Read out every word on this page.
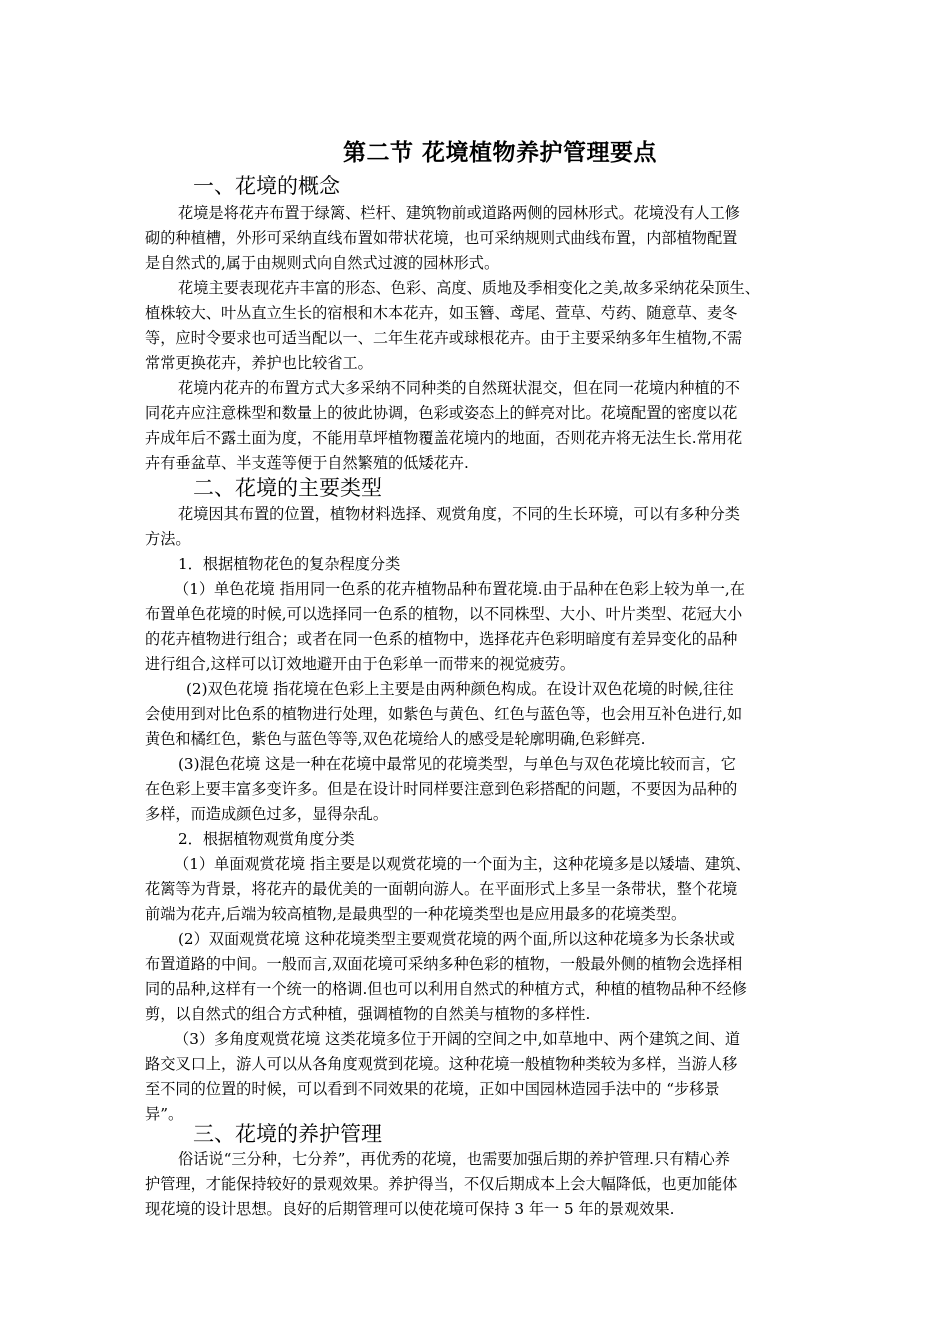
第二节 花境植物养护管理要点
一、花境的概念
花境是将花卉布置于绿篱、栏杆、建筑物前或道路两侧的园林形式。花境没有人工修
砌的种植槽，外形可采纳直线布置如带状花境，也可采纳规则式曲线布置，内部植物配置
是自然式的,属于由规则式向自然式过渡的园林形式。
花境主要表现花卉丰富的形态、色彩、高度、质地及季相变化之美,故多采纳花朵顶生、
植株较大、叶丛直立生长的宿根和木本花卉，如玉簪、鸢尾、萱草、芍药、随意草、麦冬
等，应时令要求也可适当配以一、二年生花卉或球根花卉。由于主要采纳多年生植物,不需
常常更换花卉，养护也比较省工。
花境内花卉的布置方式大多采纳不同种类的自然斑状混交，但在同一花境内种植的不
同花卉应注意株型和数量上的彼此协调，色彩或姿态上的鲜亮对比。花境配置的密度以花
卉成年后不露土面为度，不能用草坪植物覆盖花境内的地面，否则花卉将无法生长.常用花
卉有垂盆草、半支莲等便于自然繁殖的低矮花卉.
二、花境的主要类型
花境因其布置的位置，植物材料选择、观赏角度，不同的生长环境，可以有多种分类
方法。
1．根据植物花色的复杂程度分类
（1）单色花境 指用同一色系的花卉植物品种布置花境.由于品种在色彩上较为单一,在
布置单色花境的时候,可以选择同一色系的植物，以不同株型、大小、叶片类型、花冠大小
的花卉植物进行组合；或者在同一色系的植物中，选择花卉色彩明暗度有差异变化的品种
进行组合,这样可以订效地避开由于色彩单一而带来的视觉疲劳。
(2)双色花境 指花境在色彩上主要是由两种颜色构成。在设计双色花境的时候,往往
会使用到对比色系的植物进行处理，如紫色与黄色、红色与蓝色等，也会用互补色进行,如
黄色和橘红色，紫色与蓝色等等,双色花境给人的感受是轮廓明确,色彩鲜亮.
(3)混色花境 这是一种在花境中最常见的花境类型，与单色与双色花境比较而言，它
在色彩上要丰富多变许多。但是在设计时同样要注意到色彩搭配的问题，不要因为品种的
多样，而造成颜色过多，显得杂乱。
2．根据植物观赏角度分类
（1）单面观赏花境 指主要是以观赏花境的一个面为主，这种花境多是以矮墙、建筑、
花篱等为背景，将花卉的最优美的一面朝向游人。在平面形式上多呈一条带状，整个花境
前端为花卉,后端为较高植物,是最典型的一种花境类型也是应用最多的花境类型。
(2）双面观赏花境 这种花境类型主要观赏花境的两个面,所以这种花境多为长条状或
布置道路的中间。一般而言,双面花境可采纳多种色彩的植物，一般最外侧的植物会选择相
同的品种,这样有一个统一的格调.但也可以利用自然式的种植方式，种植的植物品种不经修
剪，以自然式的组合方式种植，强调植物的自然美与植物的多样性.
（3）多角度观赏花境 这类花境多位于开阔的空间之中,如草地中、两个建筑之间、道
路交叉口上，游人可以从各角度观赏到花境。这种花境一般植物种类较为多样，当游人移
至不同的位置的时候，可以看到不同效果的花境，正如中国园林造园手法中的 “步移景
异”。
三、花境的养护管理
俗话说“三分种，七分养”，再优秀的花境，也需要加强后期的养护管理.只有精心养
护管理，才能保持较好的景观效果。养护得当，不仅后期成本上会大幅降低，也更加能体
现花境的设计思想。良好的后期管理可以使花境可保持 3 年一 5 年的景观效果.
